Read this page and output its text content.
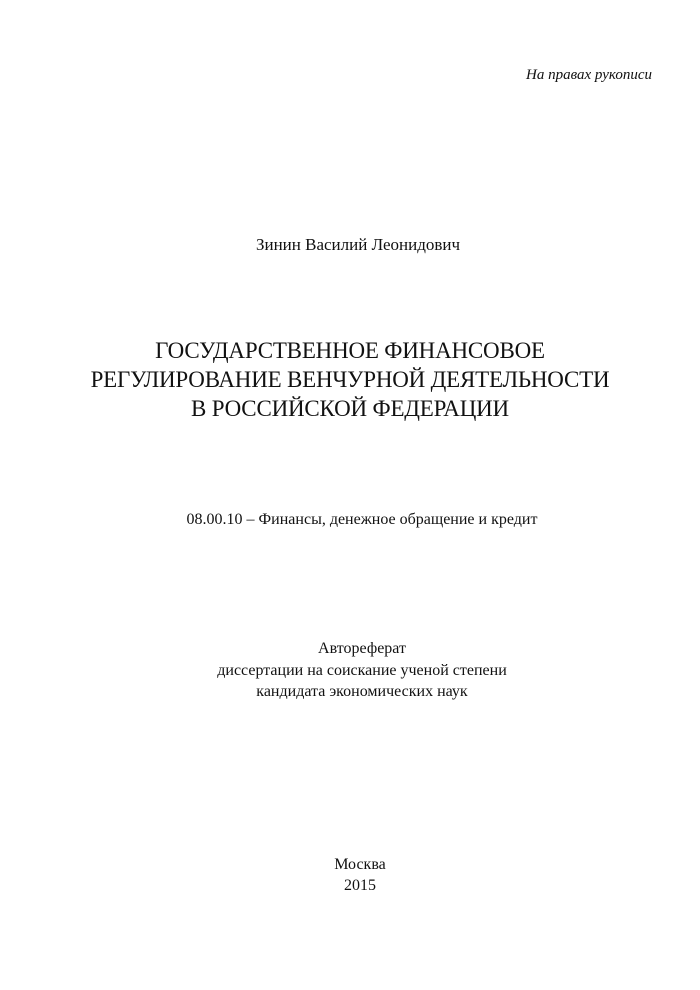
На правах рукописи
Зинин Василий Леонидович
ГОСУДАРСТВЕННОЕ ФИНАНСОВОЕ
РЕГУЛИРОВАНИЕ ВЕНЧУРНОЙ ДЕЯТЕЛЬНОСТИ
В РОССИЙСКОЙ ФЕДЕРАЦИИ
08.00.10 – Финансы, денежное обращение и кредит
Автореферат
диссертации на соискание ученой степени
кандидата экономических наук
Москва
2015
